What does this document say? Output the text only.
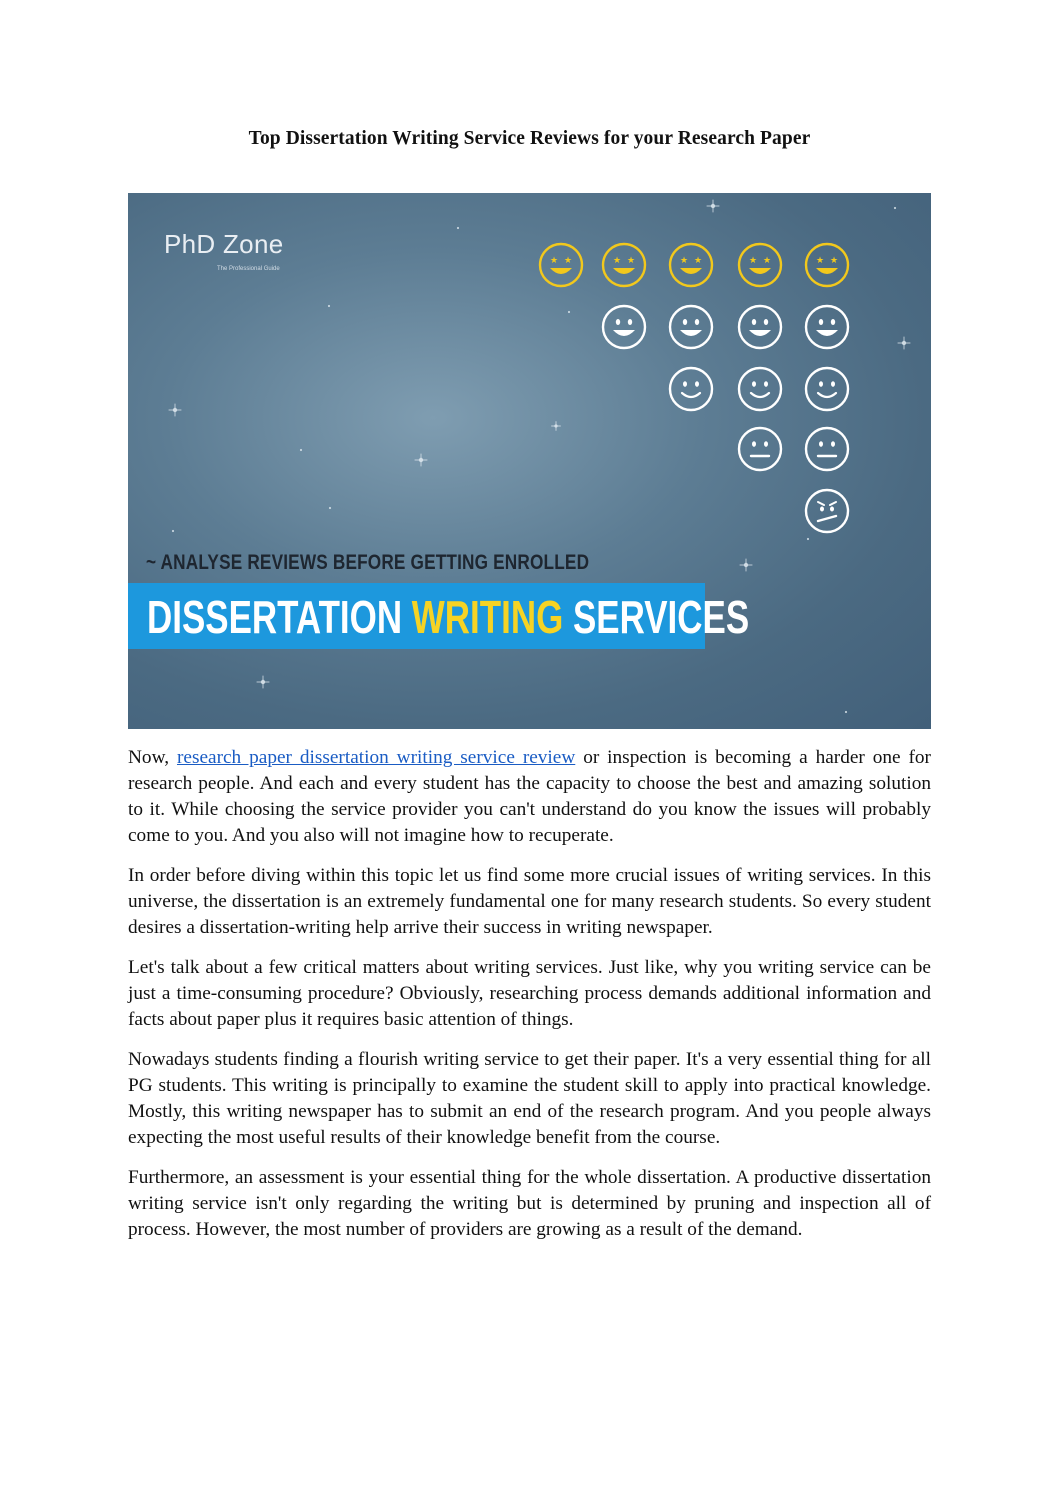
Top Dissertation Writing Service Reviews for your Research Paper
★ ★	★ ★	★ ★	★ ★	★ ★
PhD Zone
The Professional Guide
~ ANALYSE REVIEWS BEFORE GETTING ENROLLED
DISSERTATION WRITING SERVICES

Now, research paper dissertation writing service review or inspection is becoming a harder one for research people. And each and every student has the capacity to choose the best and amazing solution to it. While choosing the service provider you can't understand do you know the issues will probably come to you. And you also will not imagine how to recuperate.

In order before diving within this topic let us find some more crucial issues of writing services. In this universe, the dissertation is an extremely fundamental one for many research students. So every student desires a dissertation-writing help arrive their success in writing newspaper.

Let's talk about a few critical matters about writing services. Just like, why you writing service can be just a time-consuming procedure? Obviously, researching process demands additional information and facts about paper plus it requires basic attention of things.

Nowadays students finding a flourish writing service to get their paper. It's a very essential thing for all PG students. This writing is principally to examine the student skill to apply into practical knowledge. Mostly, this writing newspaper has to submit an end of the research program. And you people always expecting the most useful results of their knowledge benefit from the course.

Furthermore, an assessment is your essential thing for the whole dissertation. A productive dissertation writing service isn't only regarding the writing but is determined by pruning and inspection all of process. However, the most number of providers are growing as a result of the demand.
